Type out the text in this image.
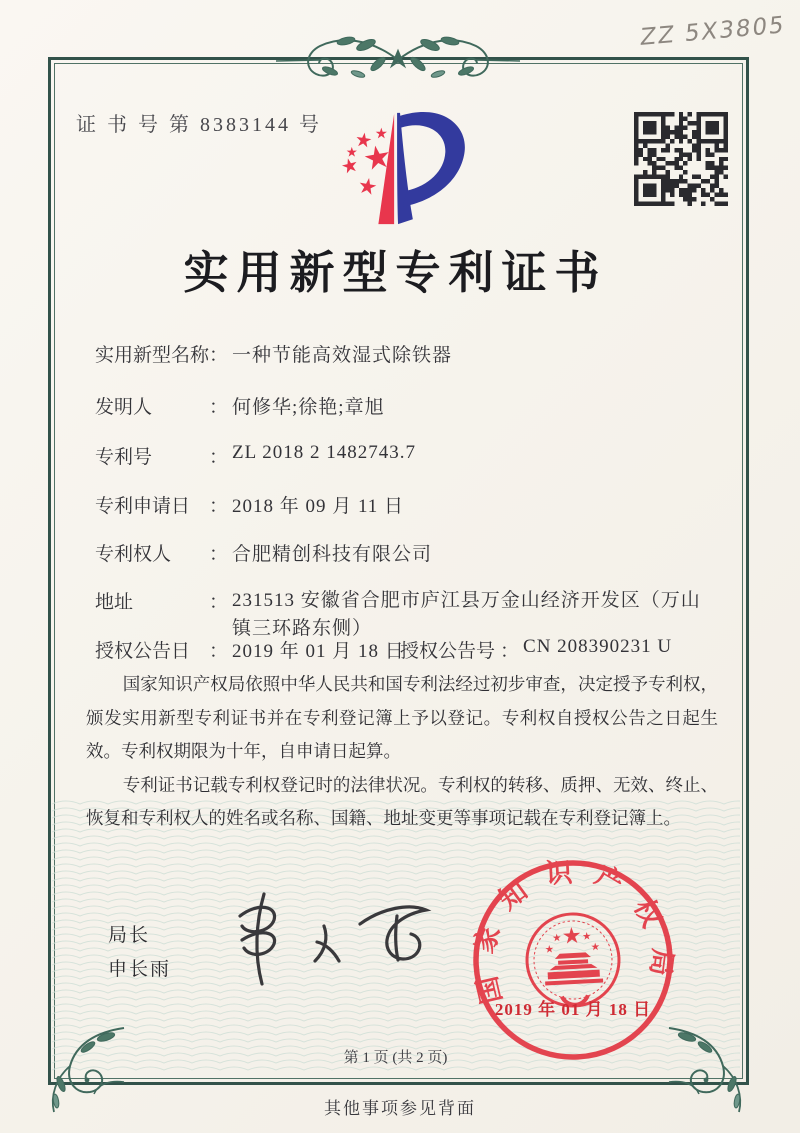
ZZ 5X3805
证 书 号 第 8383144 号
实用新型专利证书
实用新型名称： 一种节能高效湿式除铁器
发明人	： 何修华;徐艳;章旭
专利号	： ZL 2018 2 1482743.7
专利申请日 ： 2018 年 09 月 11 日
专利权人 ： 合肥精创科技有限公司
地址	： 231513 安徽省合肥市庐江县万金山经济开发区（万山镇三环路东侧）
授权公告日 ： 2019 年 01 月 18 日
授权公告号 ： CN 208390231 U

国家知识产权局依照中华人民共和国专利法经过初步审查，决定授予专利权，颁发实用新型专利证书并在专利登记簿上予以登记。专利权自授权公告之日起生效。专利权期限为十年，自申请日起算。

专利证书记载专利权登记时的法律状况。专利权的转移、质押、无效、终止、恢复和专利权人的姓名或名称、国籍、地址变更等事项记载在专利登记簿上。

局长
申长雨	国家知识产权局
2019 年 01 月 18 日
第 1 页 (共 2 页)
其他事项参见背面
